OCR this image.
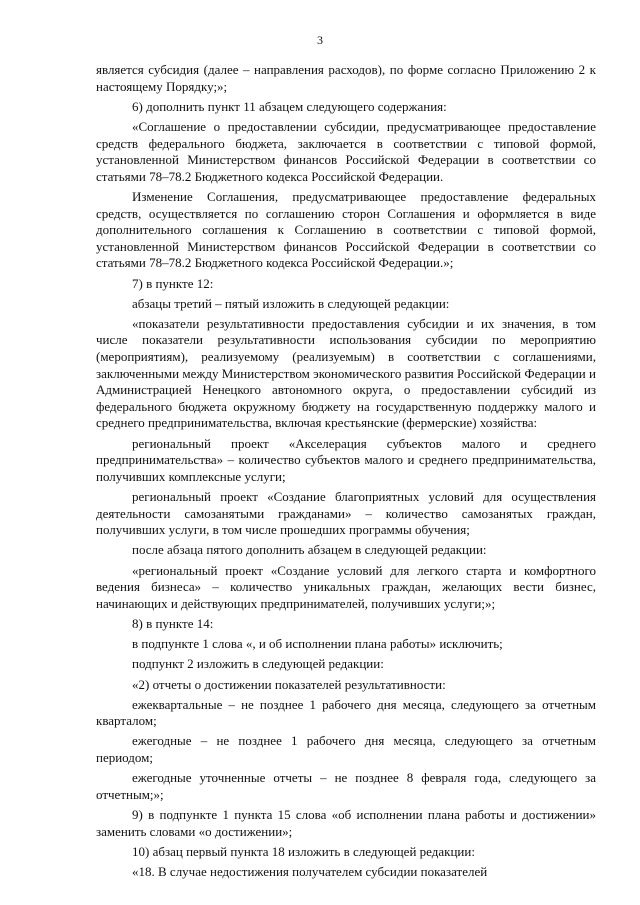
3

является субсидия (далее – направления расходов), по форме согласно Приложению 2 к настоящему Порядку;»;

6) дополнить пункт 11 абзацем следующего содержания:

«Соглашение о предоставлении субсидии, предусматривающее предоставление средств федерального бюджета, заключается в соответствии с типовой формой, установленной Министерством финансов Российской Федерации в соответствии со статьями 78–78.2 Бюджетного кодекса Российской Федерации.

Изменение Соглашения, предусматривающее предоставление федеральных средств, осуществляется по соглашению сторон Соглашения и оформляется в виде дополнительного соглашения к Соглашению в соответствии с типовой формой, установленной Министерством финансов Российской Федерации в соответствии со статьями 78–78.2 Бюджетного кодекса Российской Федерации.»;

7) в пункте 12:

абзацы третий – пятый изложить в следующей редакции:

«показатели результативности предоставления субсидии и их значения, в том числе показатели результативности использования субсидии по мероприятию (мероприятиям), реализуемому (реализуемым) в соответствии с соглашениями, заключенными между Министерством экономического развития Российской Федерации и Администрацией Ненецкого автономного округа, о предоставлении субсидий из федерального бюджета окружному бюджету на государственную поддержку малого и среднего предпринимательства, включая крестьянские (фермерские) хозяйства:

региональный проект «Акселерация субъектов малого и среднего предпринимательства» – количество субъектов малого и среднего предпринимательства, получивших комплексные услуги;

региональный проект «Создание благоприятных условий для осуществления деятельности самозанятыми гражданами» – количество самозанятых граждан, получивших услуги, в том числе прошедших программы обучения;

после абзаца пятого дополнить абзацем в следующей редакции:

«региональный проект «Создание условий для легкого старта и комфортного ведения бизнеса» – количество уникальных граждан, желающих вести бизнес, начинающих и действующих предпринимателей, получивших услуги;»;

8) в пункте 14:

в подпункте 1 слова «, и об исполнении плана работы» исключить;

подпункт 2 изложить в следующей редакции:

«2) отчеты о достижении показателей результативности:

ежеквартальные – не позднее 1 рабочего дня месяца, следующего за отчетным кварталом;

ежегодные – не позднее 1 рабочего дня месяца, следующего за отчетным периодом;

ежегодные уточненные отчеты – не позднее 8 февраля года, следующего за отчетным;»;

9) в подпункте 1 пункта 15 слова «об исполнении плана работы и достижении» заменить словами «о достижении»;

10) абзац первый пункта 18 изложить в следующей редакции:

«18. В случае недостижения получателем субсидии показателей
